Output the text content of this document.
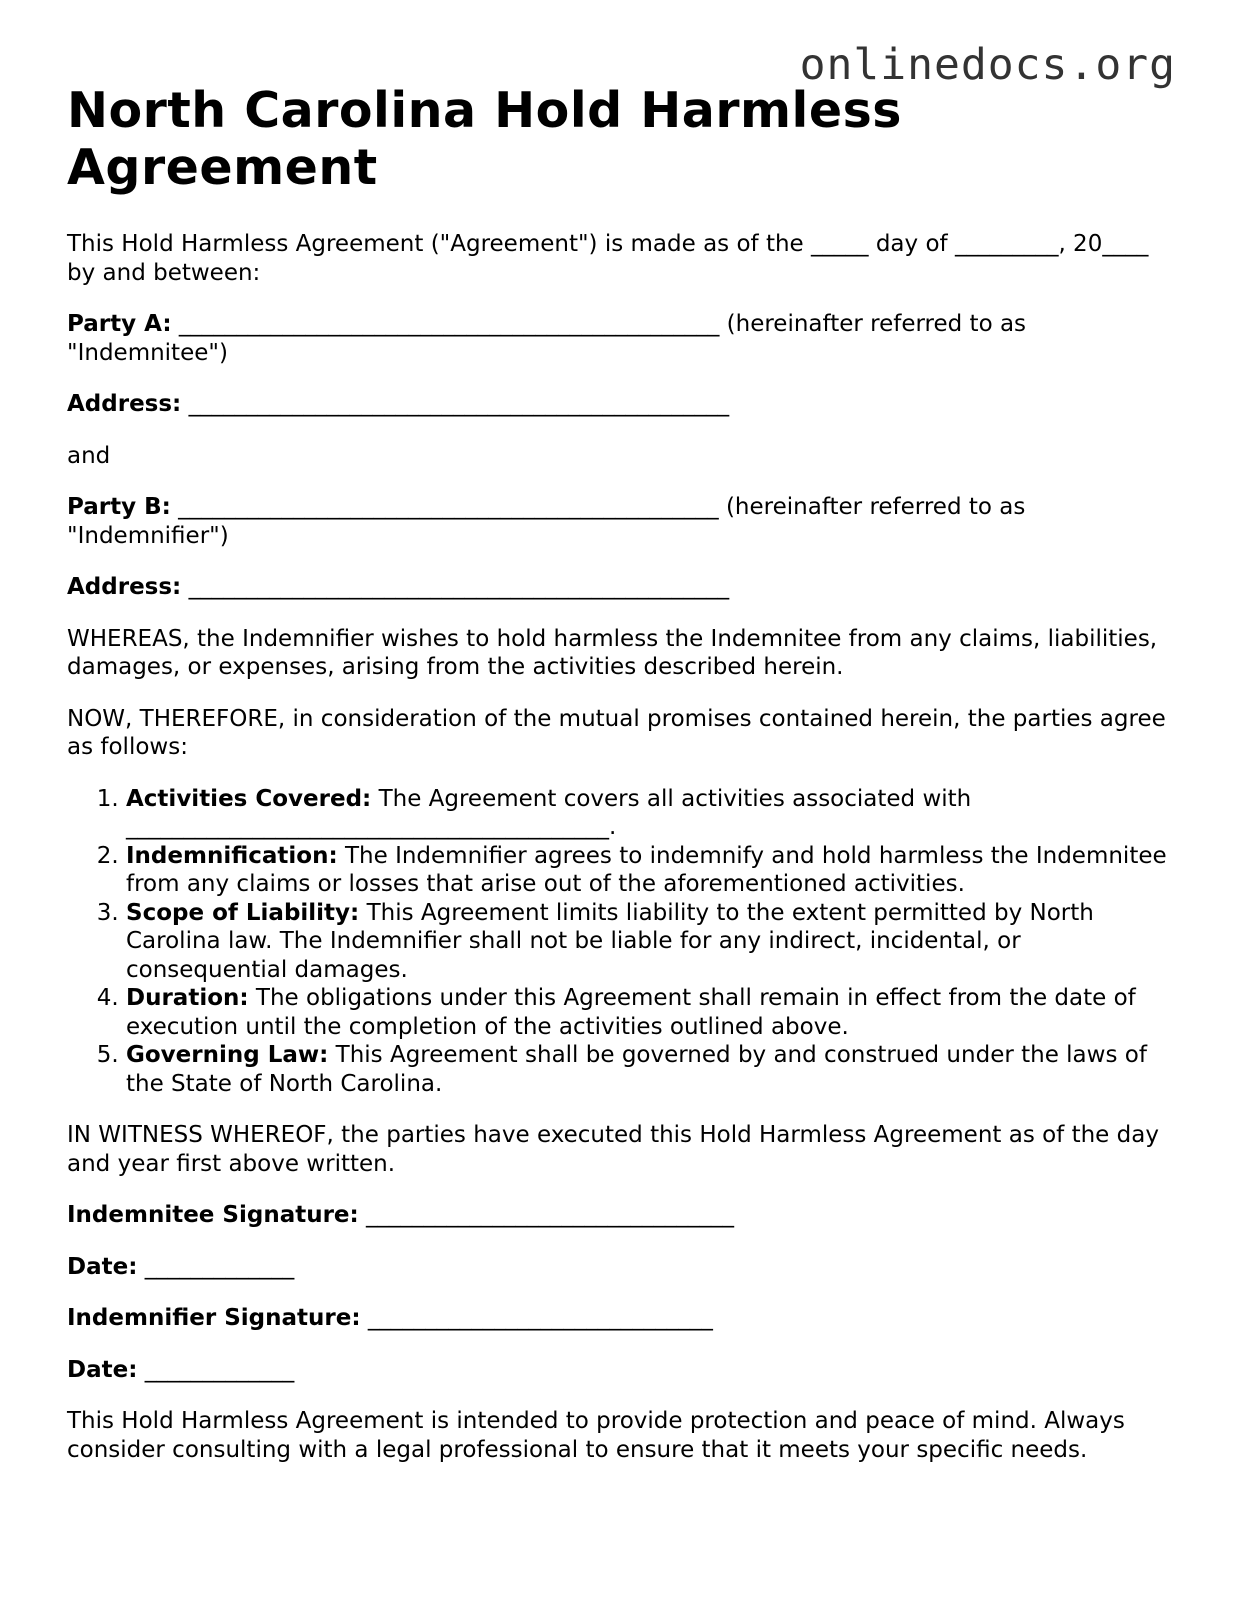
onlinedocs.org
North Carolina Hold Harmless Agreement

This Hold Harmless Agreement ("Agreement") is made as of the _____ day of _________, 20____ by and between:

Party A: _______________________________________________ (hereinafter referred to as "Indemnitee")

Address: _______________________________________________

and

Party B: _______________________________________________ (hereinafter referred to as "Indemnifier")

Address: _______________________________________________

WHEREAS, the Indemnifier wishes to hold harmless the Indemnitee from any claims, liabilities, damages, or expenses, arising from the activities described herein.

NOW, THEREFORE, in consideration of the mutual promises contained herein, the parties agree as follows:

1. Activities Covered: The Agreement covers all activities associated with __________________________________________.
2. Indemnification: The Indemnifier agrees to indemnify and hold harmless the Indemnitee from any claims or losses that arise out of the aforementioned activities.
3. Scope of Liability: This Agreement limits liability to the extent permitted by North Carolina law. The Indemnifier shall not be liable for any indirect, incidental, or consequential damages.
4. Duration: The obligations under this Agreement shall remain in effect from the date of execution until the completion of the activities outlined above.
5. Governing Law: This Agreement shall be governed by and construed under the laws of the State of North Carolina.

IN WITNESS WHEREOF, the parties have executed this Hold Harmless Agreement as of the day and year first above written.

Indemnitee Signature: ________________________________

Date: _____________

Indemnifier Signature: ______________________________

Date: _____________

This Hold Harmless Agreement is intended to provide protection and peace of mind. Always consider consulting with a legal professional to ensure that it meets your specific needs.
